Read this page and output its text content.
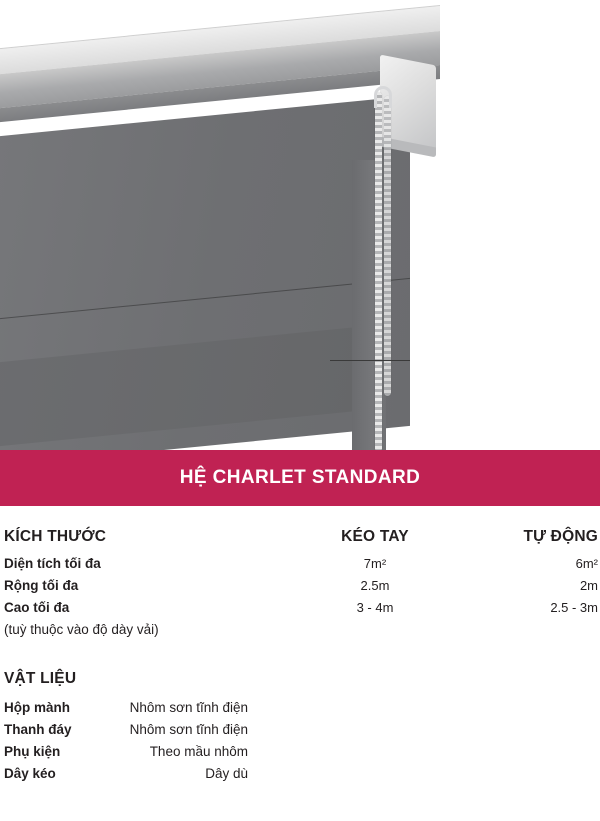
HỆ CHARLET STANDARD
KÍCH THƯỚC	KÉO TAY	TỰ ĐỘNG
Diện tích tối đa	7m²	6m²
Rộng tối đa	2.5m	2m
Cao tối đa	3 - 4m	2.5 - 3m
(tuỳ thuộc vào độ dày vải)
VẬT LIỆU
Hộp mành	Nhôm sơn tĩnh điện
Thanh đáy	Nhôm sơn tĩnh điện
Phụ kiện	Theo mầu nhôm
Dây kéo	Dây dù
